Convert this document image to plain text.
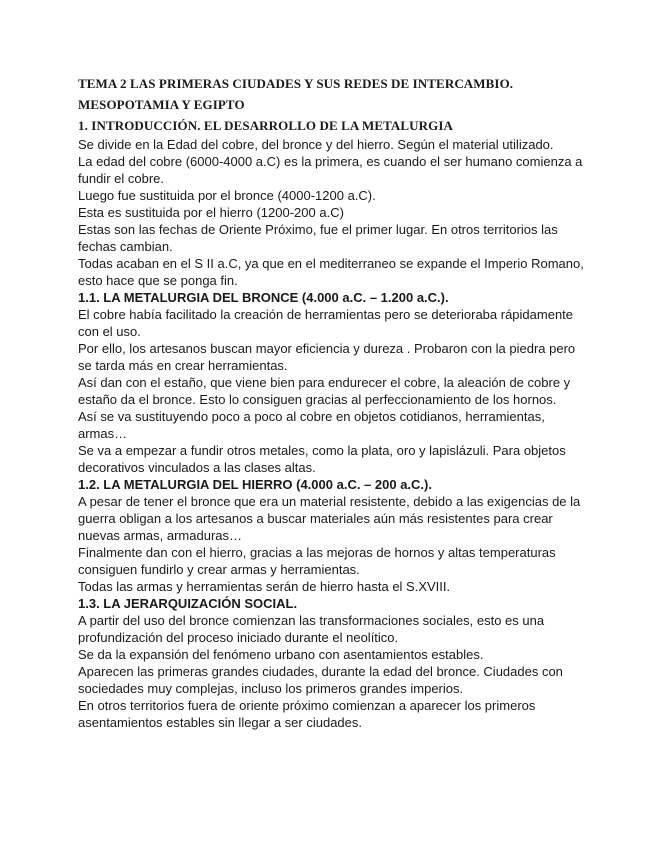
TEMA 2 LAS PRIMERAS CIUDADES Y SUS REDES DE INTERCAMBIO.

MESOPOTAMIA Y EGIPTO

1. INTRODUCCIÓN. EL DESARROLLO DE LA METALURGIA

Se divide en la Edad del cobre, del bronce y del hierro. Según el material utilizado.

La edad del cobre (6000-4000 a.C) es la primera, es cuando el ser humano comienza a fundir el cobre.

Luego fue sustituida por el bronce (4000-1200 a.C).

Esta es sustituida por el hierro (1200-200 a.C)

Estas son las fechas de Oriente Próximo, fue el primer lugar. En otros territorios las fechas cambian.

Todas acaban en el S II a.C, ya que en el mediterraneo se expande el Imperio Romano, esto hace que se ponga fin.

1.1. LA METALURGIA DEL BRONCE (4.000 a.C. – 1.200 a.C.).

El cobre había facilitado la creación de herramientas pero se deterioraba rápidamente con el uso.

Por ello, los artesanos buscan mayor eficiencia y dureza . Probaron con la piedra pero se tarda más en crear herramientas.

Así dan con el estaño, que viene bien para endurecer el cobre, la aleación de cobre y estaño da el bronce. Esto lo consiguen gracias al perfeccionamiento de los hornos.

Así se va sustituyendo poco a poco al cobre en objetos cotidianos, herramientas, armas…

Se va a empezar a fundir otros metales, como la plata, oro y lapislázuli. Para objetos decorativos vinculados a las clases altas.

1.2. LA METALURGIA DEL HIERRO (4.000 a.C. – 200 a.C.).

A pesar de tener el bronce que era un material resistente, debido a las exigencias de la guerra obligan a los artesanos a buscar materiales aún más resistentes para crear nuevas armas, armaduras…

Finalmente dan con el hierro, gracias a las mejoras de hornos y altas temperaturas consiguen fundirlo y crear armas y herramientas.

Todas las armas y herramientas serán de hierro hasta el S.XVIII.

1.3. LA JERARQUIZACIÓN SOCIAL.

A partir del uso del bronce comienzan las transformaciones sociales, esto es una profundización del proceso iniciado durante el neolítico.

Se da la expansión del fenómeno urbano con asentamientos estables.

Aparecen las primeras grandes ciudades, durante la edad del bronce. Ciudades con sociedades muy complejas, incluso los primeros grandes imperios.

En otros territorios fuera de oriente próximo comienzan a aparecer los primeros asentamientos estables sin llegar a ser ciudades.
